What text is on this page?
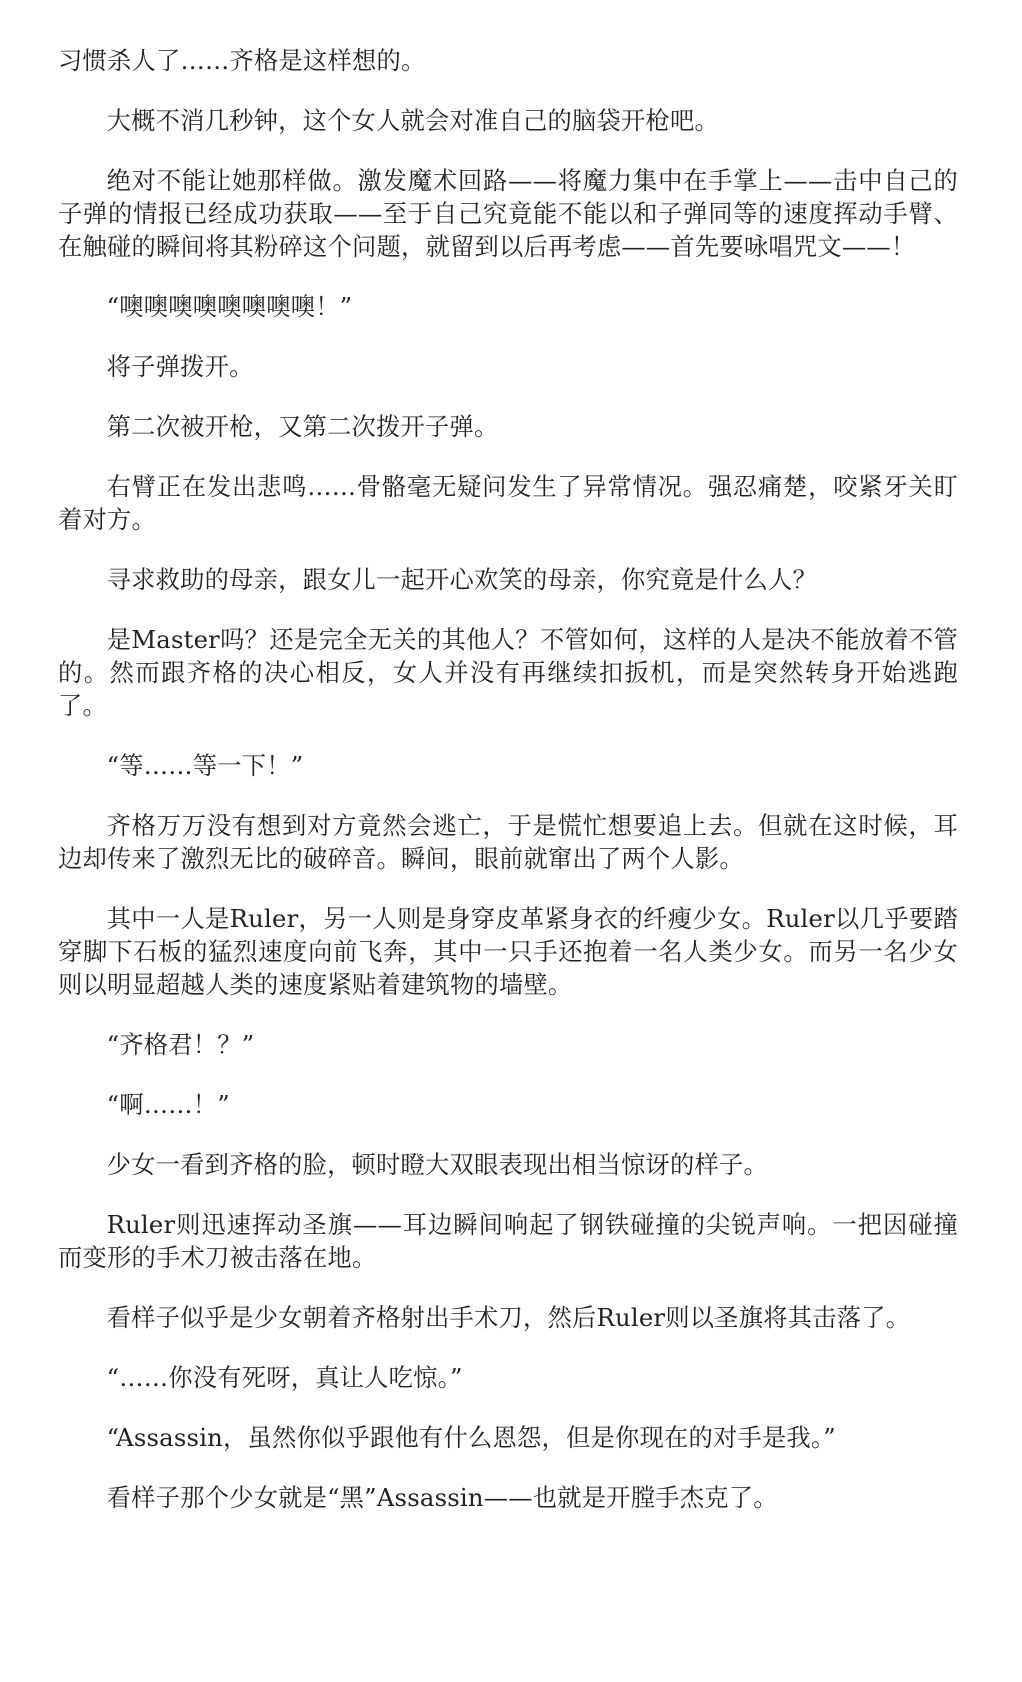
习惯杀人了……齐格是这样想的。

大概不消几秒钟，这个女人就会对准自己的脑袋开枪吧。

绝对不能让她那样做。激发魔术回路——将魔力集中在手掌上——击中自己的子弹的情报已经成功获取——至于自己究竟能不能以和子弹同等的速度挥动手臂、在触碰的瞬间将其粉碎这个问题，就留到以后再考虑——首先要咏唱咒文——！

“噢噢噢噢噢噢噢噢！”

将子弹拨开。

第二次被开枪，又第二次拨开子弹。

右臂正在发出悲鸣……骨骼毫无疑问发生了异常情况。强忍痛楚，咬紧牙关盯着对方。

寻求救助的母亲，跟女儿一起开心欢笑的母亲，你究竟是什么人？

是Master吗？还是完全无关的其他人？不管如何，这样的人是决不能放着不管的。然而跟齐格的决心相反，女人并没有再继续扣扳机，而是突然转身开始逃跑了。

“等……等一下！”

齐格万万没有想到对方竟然会逃亡，于是慌忙想要追上去。但就在这时候，耳边却传来了激烈无比的破碎音。瞬间，眼前就窜出了两个人影。

其中一人是Ruler，另一人则是身穿皮革紧身衣的纤瘦少女。Ruler以几乎要踏穿脚下石板的猛烈速度向前飞奔，其中一只手还抱着一名人类少女。而另一名少女则以明显超越人类的速度紧贴着建筑物的墙壁。

“齐格君！？”

“啊……！”

少女一看到齐格的脸，顿时瞪大双眼表现出相当惊讶的样子。

Ruler则迅速挥动圣旗——耳边瞬间响起了钢铁碰撞的尖锐声响。一把因碰撞而变形的手术刀被击落在地。

看样子似乎是少女朝着齐格射出手术刀，然后Ruler则以圣旗将其击落了。

“……你没有死呀，真让人吃惊。”

“Assassin，虽然你似乎跟他有什么恩怨，但是你现在的对手是我。”

看样子那个少女就是“黑”Assassin——也就是开膛手杰克了。
